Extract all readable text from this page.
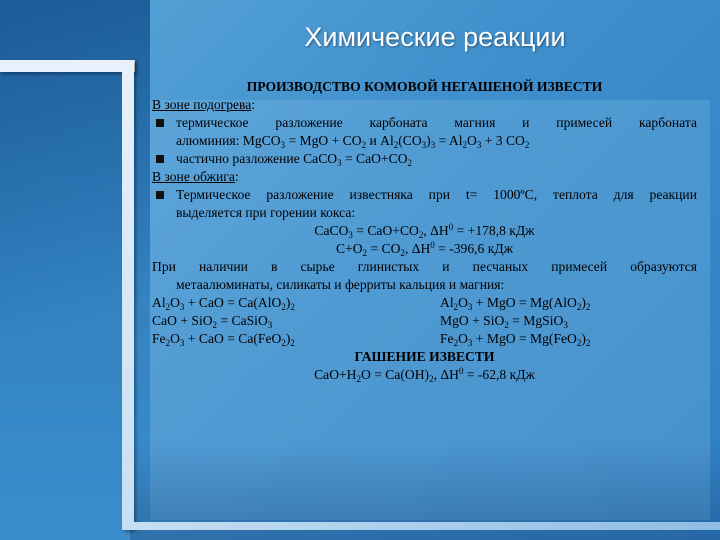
Химические реакции
ПРОИЗВОДСТВО КОМОВОЙ НЕГАШЕНОЙ ИЗВЕСТИ
В зоне подогрева:
термическое разложение карбоната магния и примесей карбоната
алюминия: MgCO$_3$ = MgO + $CO_2$ и $Al_2(CO_3)_3 = Al_2O_3 + 3$ $CO_2$
частично разложение CaCO$_3$ = $CaO+CO_2$
В зоне обжига:
Термическое разложение известняка при t= 1000ºC, теплота для реакции
выделяется при горении кокса:
CaCO$_3$ = $CaO+CO_2$, $\Delta H^0 = +178,8$ кДж
$C+O_2 = CO_2$, $\Delta H^0 = -396,6$ кДж
При наличии в сырье глинистых и песчаных примесей образуются
метаалюминаты, силикаты и ферриты кальция и магния:
$Al_2O_3$ + CaO = $Ca(AlO_2)_2$	$Al_2O_3$ + MgO = $Mg(AlO_2)_2$
CaO + SiO$_2$ = CaSiO$_3$	MgO + SiO$_2$ = MgSiO$_3$
$Fe_2O_3$ + CaO = $Ca(FeO_2)_2$	$Fe_2O_3$ + MgO = $Mg(FeO_2)_2$
ГАШЕНИЕ ИЗВЕСТИ
$CaO+H_2O = Ca(OH)_2$, $\Delta H^0 = -62,8$ кДж
